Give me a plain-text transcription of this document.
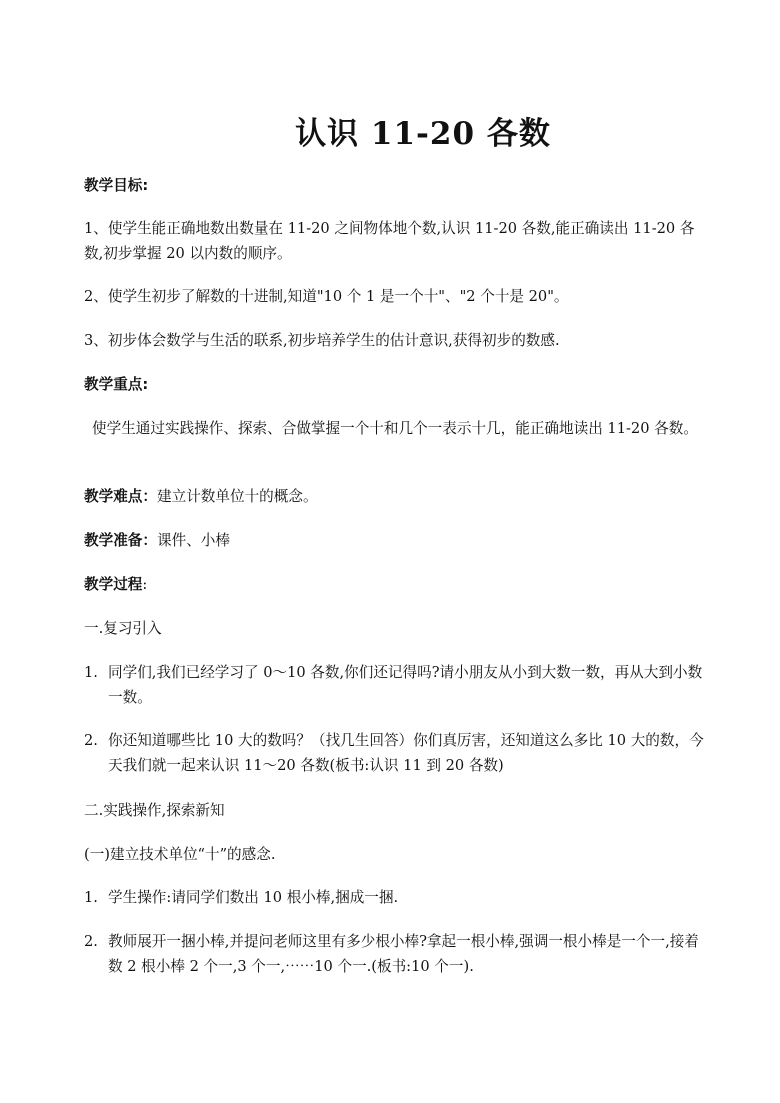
认识 11-20 各数
教学目标:
1、使学生能正确地数出数量在 11-20 之间物体地个数,认识 11-20 各数,能正确读出 11-20 各数,初步掌握 20 以内数的顺序。
2、使学生初步了解数的十进制,知道"10 个 1 是一个十"、"2 个十是 20"。
3、初步体会数学与生活的联系,初步培养学生的估计意识,获得初步的数感.
教学重点:
使学生通过实践操作、探索、合做掌握一个十和几个一表示十几，能正确地读出 11-20 各数。
教学难点：建立计数单位十的概念。
教学准备：课件、小棒
教学过程:
一.复习引入
1. 同学们,我们已经学习了 0～10 各数,你们还记得吗?请小朋友从小到大数一数，再从大到小数一数。
2. 你还知道哪些比 10 大的数吗？（找几生回答）你们真厉害，还知道这么多比 10 大的数，今天我们就一起来认识 11～20 各数(板书:认识 11 到 20 各数)
二.实践操作,探索新知
(一)建立技术单位“十”的感念.
1. 学生操作:请同学们数出 10 根小棒,捆成一捆.
2. 教师展开一捆小棒,并提问老师这里有多少根小棒?拿起一根小棒,强调一根小棒是一个一,接着数 2 根小棒 2 个一,3 个一,⋯⋯10 个一.(板书:10 个一).
